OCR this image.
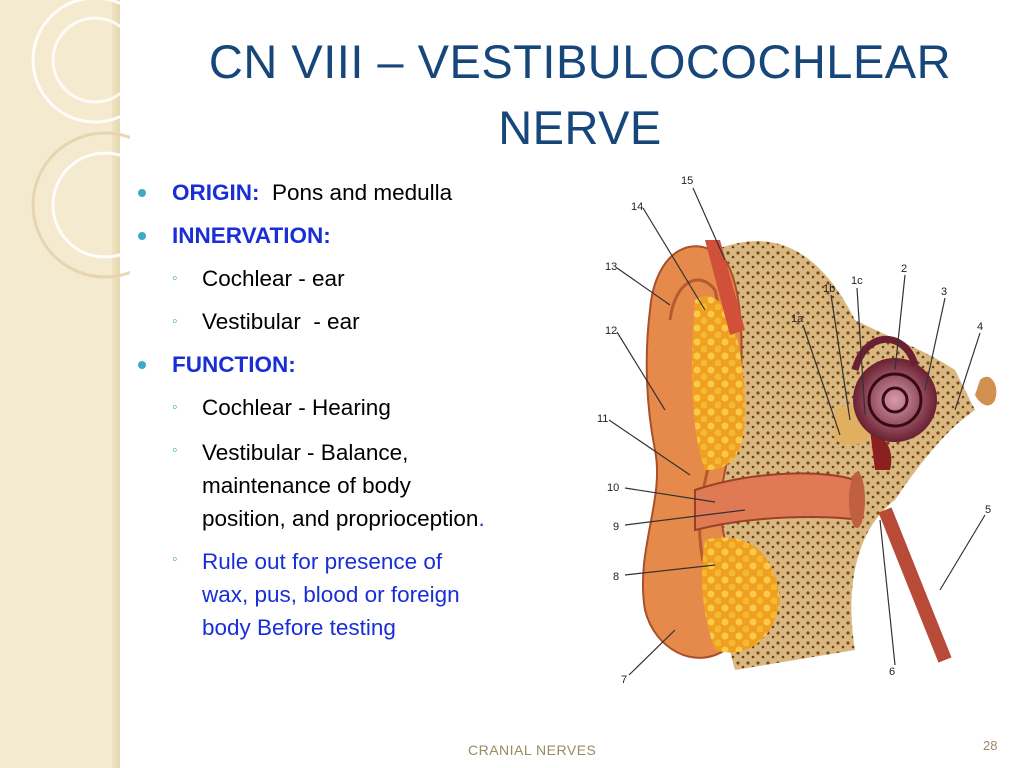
CN VIII – VESTIBULOCOCHLEAR
NERVE
ORIGIN: Pons and medulla
INNERVATION:
◦ Cochlear - ear
◦ Vestibular  - ear
FUNCTION:
◦ Cochlear - Hearing
◦ Vestibular - Balance,
maintenance of body
position, and proprioception.
◦ Rule out for presence of
wax, pus, blood or foreign
body Before testing
15
14
13
12
11
10
9
8
7
1b
1c
1a
2
3
4
5
6
CRANIAL NERVES	28
